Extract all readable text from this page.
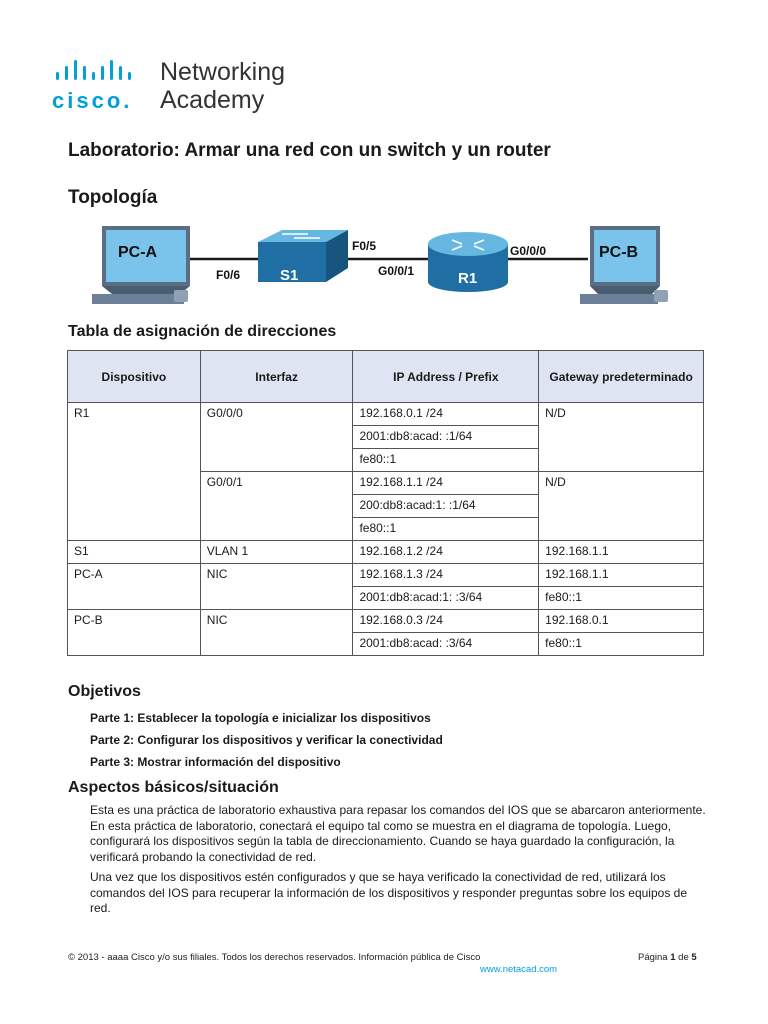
cisco.
Networking
Academy
Laboratorio: Armar una red con un switch y un router
Topología
PC-A
S1	R1
PC-B
F0/6
F0/5
G0/0/1
G0/0/0
Tabla de asignación de direcciones
Dispositivo	Interfaz	IP Address / Prefix	Gateway predeterminado
R1	G0/0/0	192.168.0.1 /24	N/D
		2001:db8:acad: :1/64	
		fe80::1	
	G0/0/1	192.168.1.1 /24	N/D
		200:db8:acad:1: :1/64	
		fe80::1	
S1	VLAN 1	192.168.1.2 /24	192.168.1.1
PC-A	NIC	192.168.1.3 /24	192.168.1.1
		2001:db8:acad:1: :3/64	fe80::1
PC-B	NIC	192.168.0.3 /24	192.168.0.1
		2001:db8:acad: :3/64	fe80::1
Objetivos
Parte 1: Establecer la topología e inicializar los dispositivos
Parte 2: Configurar los dispositivos y verificar la conectividad
Parte 3: Mostrar información del dispositivo
Aspectos básicos/situación
Esta es una práctica de laboratorio exhaustiva para repasar los comandos del IOS que se abarcaron anteriormente. En esta práctica de laboratorio, conectará el equipo tal como se muestra en el diagrama de topología. Luego, configurará los dispositivos según la tabla de direccionamiento. Cuando se haya guardado la configuración, la verificará probando la conectividad de red.
Una vez que los dispositivos estén configurados y que se haya verificado la conectividad de red, utilizará los comandos del IOS para recuperar la información de los dispositivos y responder preguntas sobre los equipos de red.
© 2013 - aaaa Cisco y/o sus filiales. Todos los derechos reservados. Información pública de Cisco
www.netacad.com
Página 1 de 5
